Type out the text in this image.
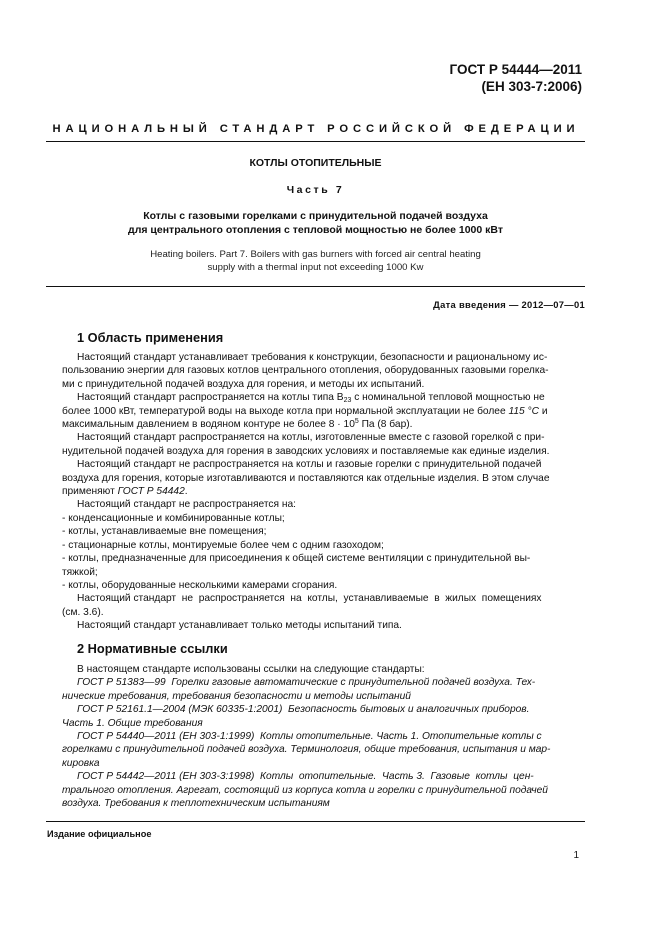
ГОСТ Р 54444—2011
(ЕН 303-7:2006)
НАЦИОНАЛЬНЫЙ СТАНДАРТ РОССИЙСКОЙ ФЕДЕРАЦИИ
КОТЛЫ ОТОПИТЕЛЬНЫЕ
Часть 7
Котлы с газовыми горелками с принудительной подачей воздуха
для центрального отопления с тепловой мощностью не более 1000 кВт
Heating boilers. Part 7. Boilers with gas burners with forced air central heating
supply with a thermal input not exceeding 1000 Kw
Дата введения — 2012—07—01
1 Область применения
Настоящий стандарт устанавливает требования к конструкции, безопасности и рациональному ис-
пользованию энергии для газовых котлов центрального отопления, оборудованных газовыми горелка-
ми с принудительной подачей воздуха для горения, и методы их испытаний.
Настоящий стандарт распространяется на котлы типа $B_{23}$ с номинальной тепловой мощностью не
более 1000 кВт, температурой воды на выходе котла при нормальной эксплуатации не более 115 °C и
максимальным давлением в водяном контуре не более $8 \cdot 10^5$ Па (8 бар).
Настоящий стандарт распространяется на котлы, изготовленные вместе с газовой горелкой с при-
нудительной подачей воздуха для горения в заводских условиях и поставляемые как единые изделия.
Настоящий стандарт не распространяется на котлы и газовые горелки с принудительной подачей
воздуха для горения, которые изготавливаются и поставляются как отдельные изделия. В этом случае
применяют ГОСТ Р 54442.
Настоящий стандарт не распространяется на:
- конденсационные и комбинированные котлы;
- котлы, устанавливаемые вне помещения;
- стационарные котлы, монтируемые более чем с одним газоходом;
- котлы, предназначенные для присоединения к общей системе вентиляции с принудительной вы-
тяжкой;
- котлы, оборудованные несколькими камерами сгорания.
Настоящий стандарт  не  распространяется  на  котлы,  устанавливаемые  в  жилых  помещениях
(см. 3.6).
Настоящий стандарт устанавливает только методы испытаний типа.
2 Нормативные ссылки
В настоящем стандарте использованы ссылки на следующие стандарты:
ГОСТ Р 51383—99  Горелки газовые автоматические с принудительной подачей воздуха. Тех-
нические требования, требования безопасности и методы испытаний
ГОСТ Р 52161.1—2004 (МЭК 60335-1:2001)  Безопасность бытовых и аналогичных приборов.
Часть 1. Общие требования
ГОСТ Р 54440—2011 (ЕН 303-1:1999)  Котлы отопительные. Часть 1. Отопительные котлы с
горелками с принудительной подачей воздуха. Терминология, общие требования, испытания и мар-
кировка
ГОСТ Р 54442—2011 (ЕН 303-3:1998)  Котлы  отопительные.  Часть 3.  Газовые  котлы  цен-
трального отопления. Агрегат, состоящий из корпуса котла и горелки с принудительной подачей
воздуха. Требования к теплотехническим испытаниям
Издание официальное
1
